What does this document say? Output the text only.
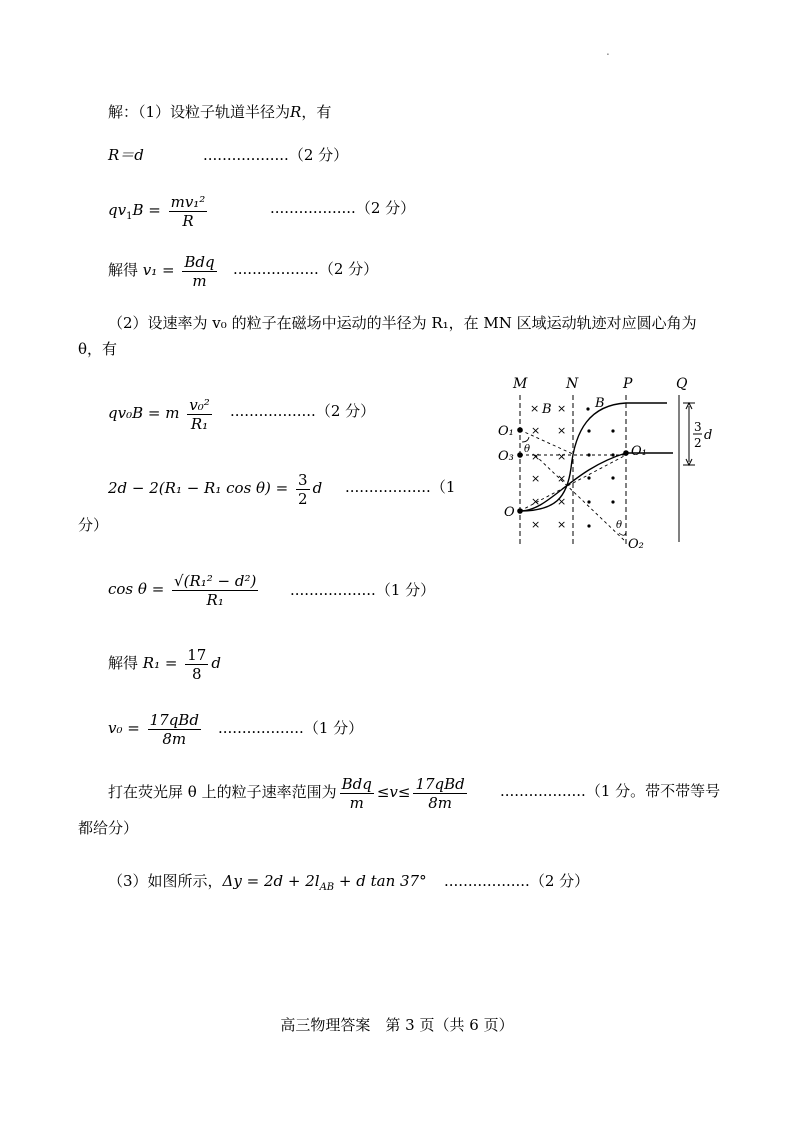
.
解：（1）设粒子轨道半径为R，有
R＝d	..................（2 分）
$qv_1B = \frac{\text{mv₁²}}{R}$	..................（2 分）
解得 $v_1 = \frac{\text{Bdq}}{m} ..................(2$ 分）
（2）设速率为 v₀ 的粒子在磁场中运动的半径为 R₁，在 MN 区域运动轨迹对应圆心角为
θ，有
qv₀B = m $\frac{\text{v₀²}}{\text{R₁}} ..................(2$ 分）
2d − 2(R₁ − R₁ $\cos \theta) = \frac{3}{2}$ d ..................（1
分）
$\cos \theta = \frac{\text{√(R₁² − d²)}}{\text{R₁}} ..................(1$ 分）
解得 $R_1 = \frac{17}{8}$ d
$v_0 = \frac{\text{17qBd}}{8m} ..................(1$ 分）
打在荧光屏 θ 上的粒子速率范围为 $\frac{\text{Bdq}}{m} \le v\le \frac{\text{17qBd}}{8m} ..................(1$ 分。带不带等号
都给分）
（3）如图所示，$\Delta y = 2d + 2l_{AB} + d$ tan 37° ..................（2 分）
M	N	P	Q
× ×
× ×
× ×
× ×
× ×
× ×
B	B
O₁
O₃
O
O₁
O₂
θ
θ
3
2 d
高三物理答案　第 3 页（共 6 页）
